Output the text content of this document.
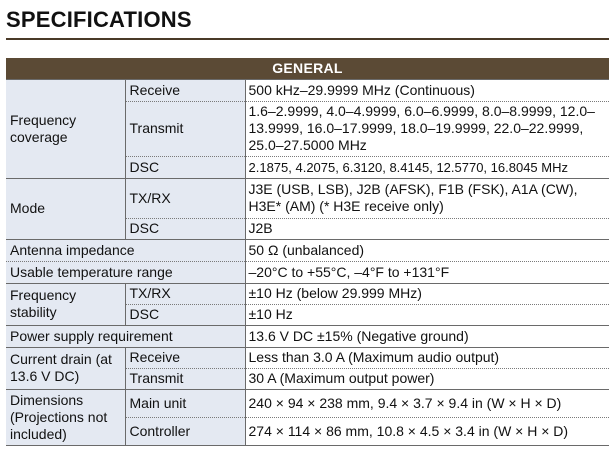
SPECIFICATIONS
GENERAL		
Frequency coverage	Receive	500 kHz–29.9999 MHz (Continuous)
	Transmit	1.6–2.9999, 4.0–4.9999, 6.0–6.9999, 8.0–8.9999, 12.0–13.9999, 16.0–17.9999, 18.0–19.9999, 22.0–22.9999, 25.0–27.5000 MHz
	DSC	2.1875, 4.2075, 6.3120, 8.4145, 12.5770, 16.8045 MHz
Mode	TX/RX	J3E (USB, LSB), J2B (AFSK), F1B (FSK), A1A (CW), H3E* (AM) (* H3E receive only)
	DSC	J2B
Antenna impedance		50 Ω (unbalanced)
Usable temperature range		–20°C to +55°C, –4°F to +131°F
Frequency stability	TX/RX	±10 Hz (below 29.999 MHz)
	DSC	±10 Hz
Power supply requirement		13.6 V DC ±15% (Negative ground)
Current drain (at 13.6 V DC)	Receive	Less than 3.0 A (Maximum audio output)
	Transmit	30 A (Maximum output power)
Dimensions (Projections not included)	Main unit	240 × 94 × 238 mm, 9.4 × 3.7 × 9.4 in (W × H × D)
	Controller	274 × 114 × 86 mm, 10.8 × 4.5 × 3.4 in (W × H × D)
